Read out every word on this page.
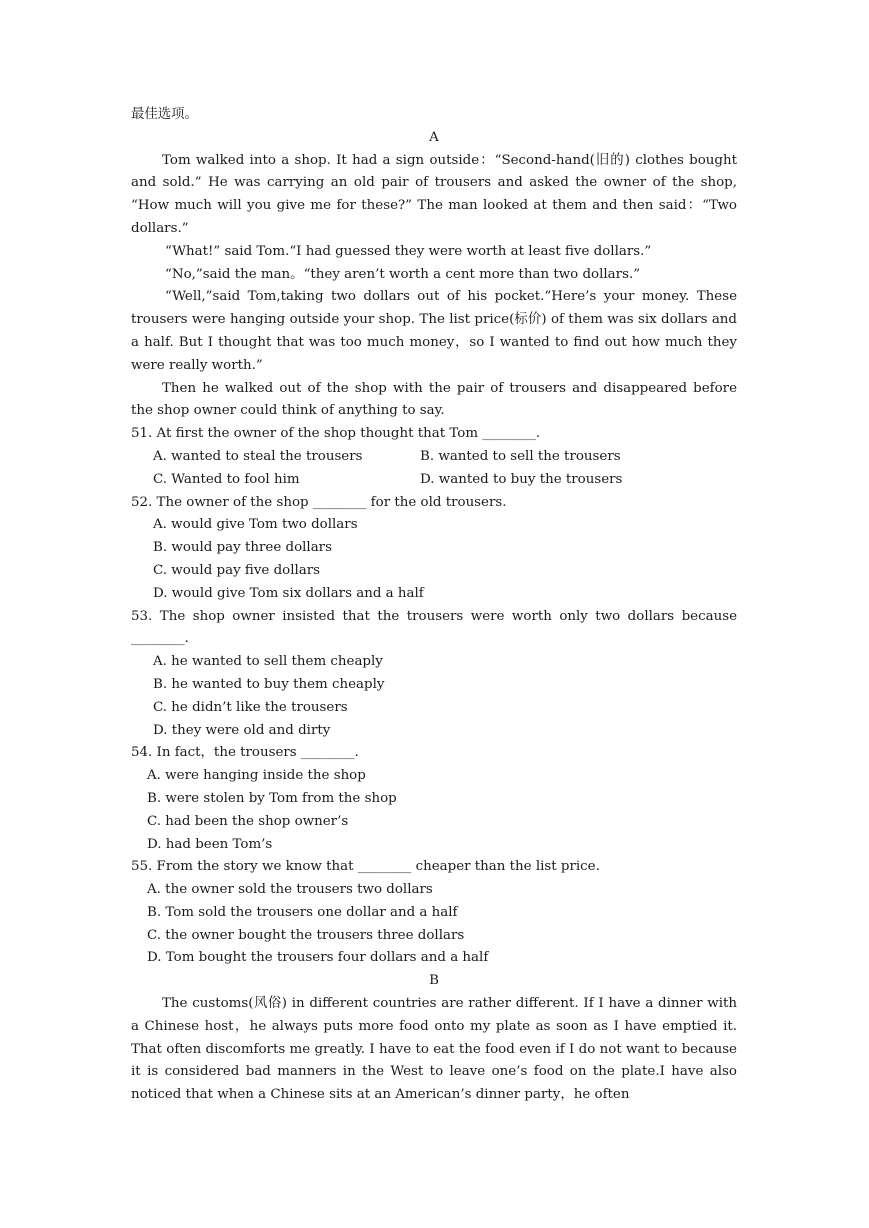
最佳选项。
A
Tom walked into a shop. It had a sign outside：“Second-hand(旧的) clothes bought and sold.” He was carrying an old pair of trousers and asked the owner of the shop, “How much will you give me for these?” The man looked at them and then said：“Two dollars.”
“What!” said Tom.“I had guessed they were worth at least five dollars.”
“No,”said the man。“they aren’t worth a cent more than two dollars.”
“Well,”said Tom,taking two dollars out of his pocket.“Here’s your money. These trousers were hanging outside your shop. The list price(标价) of them was six dollars and a half. But I thought that was too much money，so I wanted to find out how much they were really worth.”
Then he walked out of the shop with the pair of trousers and disappeared before the shop owner could think of anything to say.
51. At first the owner of the shop thought that Tom ________.
A. wanted to steal the trousers	B. wanted to sell the trousers
C. Wanted to fool him	D. wanted to buy the trousers
52. The owner of the shop ________ for the old trousers.
A. would give Tom two dollars
B. would pay three dollars
C. would pay five dollars
D. would give Tom six dollars and a half
53. The shop owner insisted that the trousers were worth only two dollars because ________.
A. he wanted to sell them cheaply
B. he wanted to buy them cheaply
C. he didn’t like the trousers
D. they were old and dirty
54. In fact，the trousers ________.
A. were hanging inside the shop
B. were stolen by Tom from the shop
C. had been the shop owner’s
D. had been Tom’s
55. From the story we know that ________ cheaper than the list price.
A. the owner sold the trousers two dollars
B. Tom sold the trousers one dollar and a half
C. the owner bought the trousers three dollars
D. Tom bought the trousers four dollars and a half
B
The customs(风俗) in different countries are rather different. If I have a dinner with a Chinese host，he always puts more food onto my plate as soon as I have emptied it. That often discomforts me greatly. I have to eat the food even if I do not want to because it is considered bad manners in the West to leave one’s food on the plate.I have also noticed that when a Chinese sits at an American’s dinner party，he often
